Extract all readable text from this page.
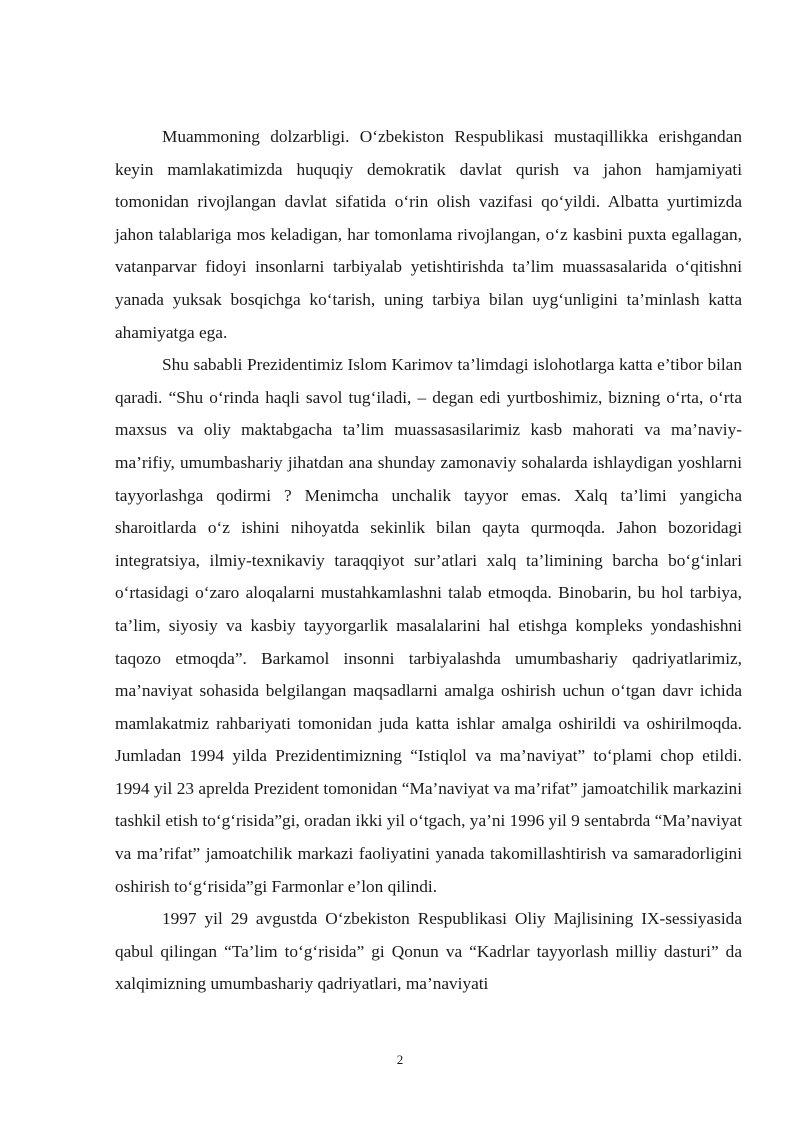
Muammoning dolzarbligi. O‘zbekiston Respublikasi mustaqillikka erishgandan keyin mamlakatimizda huquqiy demokratik davlat qurish va jahon hamjamiyati tomonidan rivojlangan davlat sifatida o‘rin olish vazifasi qo‘yildi. Albatta yurtimizda jahon talablariga mos keladigan, har tomonlama rivojlangan, o‘z kasbini puxta egallagan, vatanparvar fidoyi insonlarni tarbiyalab yetishtirishda ta’lim muassasalarida o‘qitishni yanada yuksak bosqichga ko‘tarish, uning tarbiya bilan uyg‘unligini ta’minlash katta ahamiyatga ega.

Shu sababli Prezidentimiz Islom Karimov ta’limdagi islohotlarga katta e’tibor bilan qaradi. “Shu o‘rinda haqli savol tug‘iladi, – degan edi yurtboshimiz, bizning o‘rta, o‘rta maxsus va oliy maktabgacha ta’lim muassasasilarimiz kasb mahorati va ma’naviy-ma’rifiy, umumbashariy jihatdan ana shunday zamonaviy sohalarda ishlaydigan yoshlarni tayyorlashga qodirmi ? Menimcha unchalik tayyor emas. Xalq ta’limi yangicha sharoitlarda o‘z ishini nihoyatda sekinlik bilan qayta qurmoqda. Jahon bozoridagi integratsiya, ilmiy-texnikaviy taraqqiyot sur’atlari xalq ta’limining barcha bo‘g‘inlari o‘rtasidagi o‘zaro aloqalarni mustahkamlashni talab etmoqda. Binobarin, bu hol tarbiya, ta’lim, siyosiy va kasbiy tayyorgarlik masalalarini hal etishga kompleks yondashishni taqozo etmoqda”. Barkamol insonni tarbiyalashda umumbashariy qadriyatlarimiz, ma’naviyat sohasida belgilangan maqsadlarni amalga oshirish uchun o‘tgan davr ichida mamlakatmiz rahbariyati tomonidan juda katta ishlar amalga oshirildi va oshirilmoqda. Jumladan 1994 yilda Prezidentimizning “Istiqlol va ma’naviyat” to‘plami chop etildi. 1994 yil 23 aprelda Prezident tomonidan “Ma’naviyat va ma’rifat” jamoatchilik markazini tashkil etish to‘g‘risida”gi, oradan ikki yil o‘tgach, ya’ni 1996 yil 9 sentabrda “Ma’naviyat va ma’rifat” jamoatchilik markazi faoliyatini yanada takomillashtirish va samaradorligini oshirish to‘g‘risida”gi Farmonlar e’lon qilindi.

1997 yil 29 avgustda O‘zbekiston Respublikasi Oliy Majlisining IX-sessiyasida qabul qilingan “Ta’lim to‘g‘risida” gi Qonun va “Kadrlar tayyorlash milliy dasturi” da xalqimizning umumbashariy qadriyatlari, ma’naviyati

2
